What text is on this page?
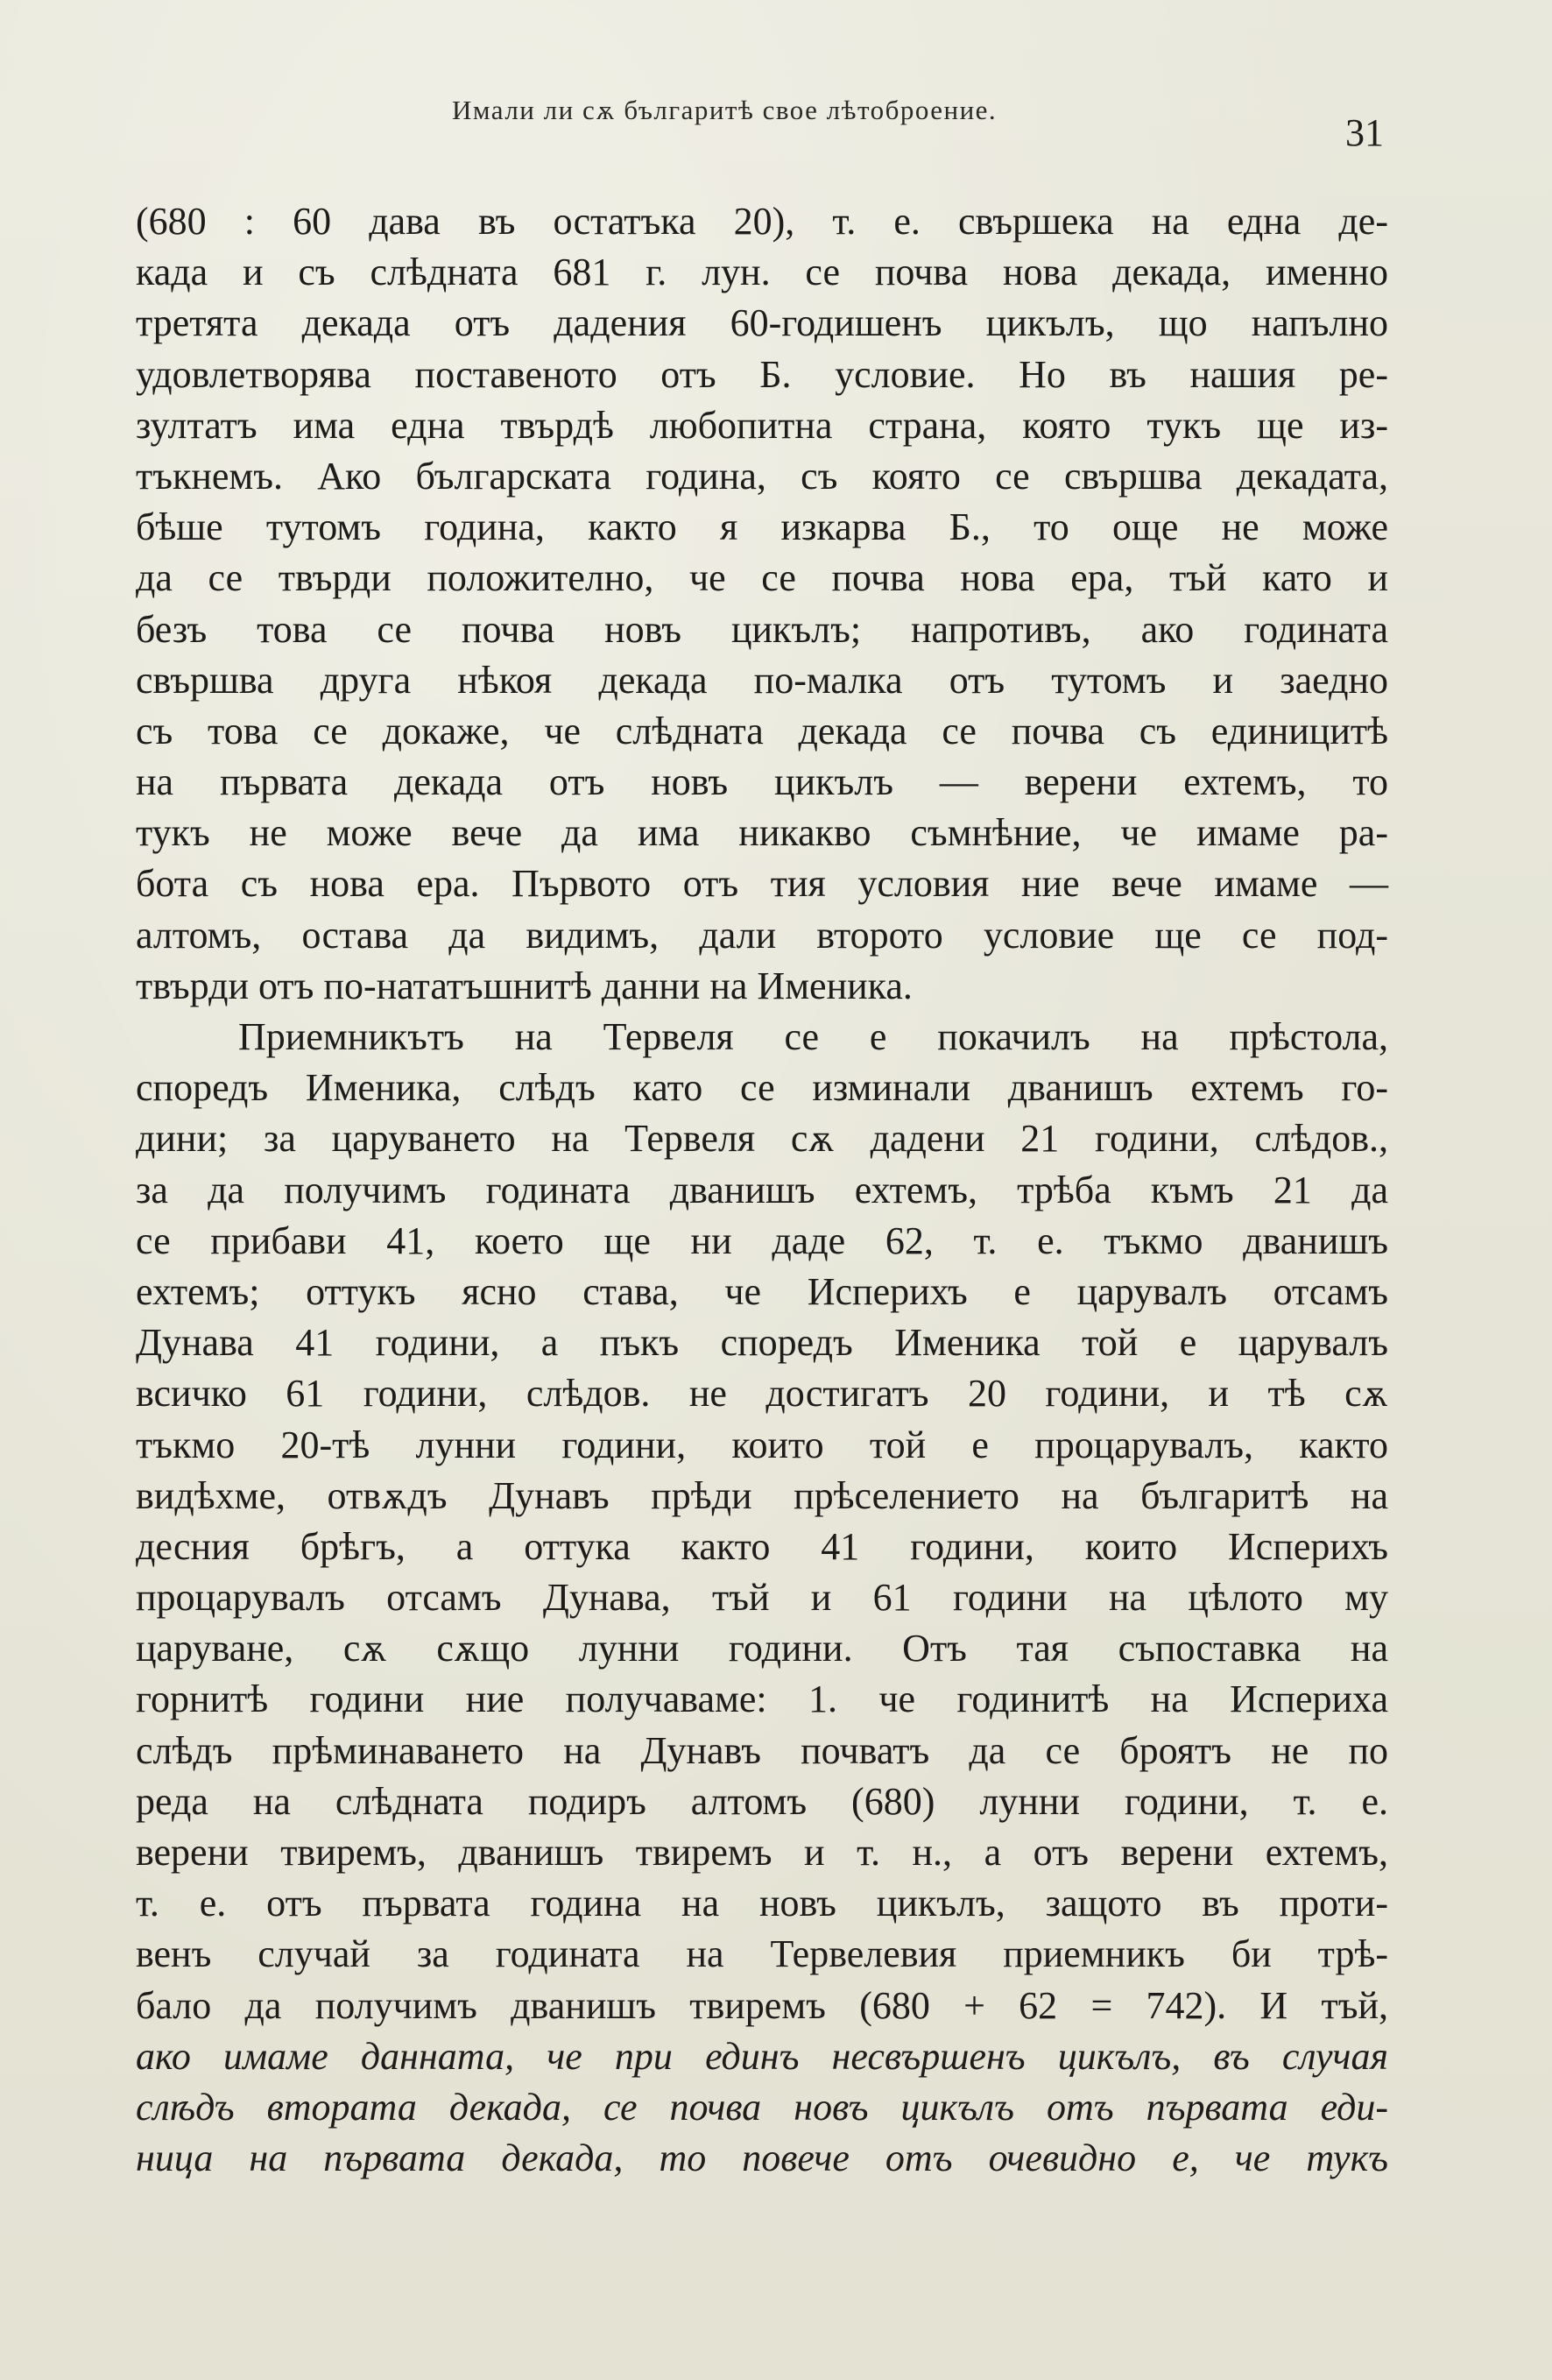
Имали ли сѫ българитѣ свое лѣтоброение.
31
(680 : 60 дава въ остатъка 20), т. е. свършека на една де-
када и съ слѣдната 681 г. лун. се почва нова декада, именно
третята декада отъ дадения 60-годишенъ цикълъ, що напълно
удовлетворява поставеното отъ Б. условие. Но въ нашия ре-
зултатъ има една твърдѣ любопитна страна, която тукъ ще из-
тъкнемъ. Ако българската година, съ която се свършва декадата,
бѣше тутомъ година, както я изкарва Б., то още не може
да се твърди положително, че се почва нова ера, тъй като и
безъ това се почва новъ цикълъ; напротивъ, ако годината
свършва друга нѣкоя декада по-малка отъ тутомъ и заедно
съ това се докаже, че слѣдната декада се почва съ единицитѣ
на първата декада отъ новъ цикълъ — верени ехтемъ, то
тукъ не може вече да има никакво съмнѣние, че имаме ра-
бота съ нова ера. Първото отъ тия условия ние вече имаме —
алтомъ, остава да видимъ, дали второто условие ще се под-
твърди отъ по-нататъшнитѣ данни на Именика.
Приемникътъ на Тервеля се е покачилъ на прѣстола,
споредъ Именика, слѣдъ като се изминали дванишъ ехтемъ го-
дини; за царуването на Тервеля сѫ дадени 21 години, слѣдов.,
за да получимъ годината дванишъ ехтемъ, трѣба къмъ 21 да
се прибави 41, което ще ни даде 62, т. е. тъкмо дванишъ
ехтемъ; оттукъ ясно става, че Исперихъ е царувалъ отсамъ
Дунава 41 години, а пъкъ споредъ Именика той е царувалъ
всичко 61 години, слѣдов. не достигатъ 20 години, и тѣ сѫ
тъкмо 20-тѣ лунни години, които той е процарувалъ, както
видѣхме, отвѫдъ Дунавъ прѣди прѣселението на българитѣ на
десния брѣгъ, а оттука както 41 години, които Исперихъ
процарувалъ отсамъ Дунава, тъй и 61 години на цѣлото му
царуване, сѫ сѫщо лунни години. Отъ тая съпоставка на
горнитѣ години ние получаваме: 1. че годинитѣ на Испериха
слѣдъ прѣминаването на Дунавъ почватъ да се броятъ не по
реда на слѣдната подиръ алтомъ (680) лунни години, т. е.
верени твиремъ, дванишъ твиремъ и т. н., а отъ верени ехтемъ,
т. е. отъ първата година на новъ цикълъ, защото въ проти-
венъ случай за годината на Тервелевия приемникъ би трѣ-
бало да получимъ дванишъ твиремъ (680 + 62 = 742). И тъй,
ако имаме данната, че при единъ несвършенъ цикълъ, въ случая
слѣдъ втората декада, се почва новъ цикълъ отъ първата еди-
ница на първата декада, то повече отъ очевидно е, че тукъ
